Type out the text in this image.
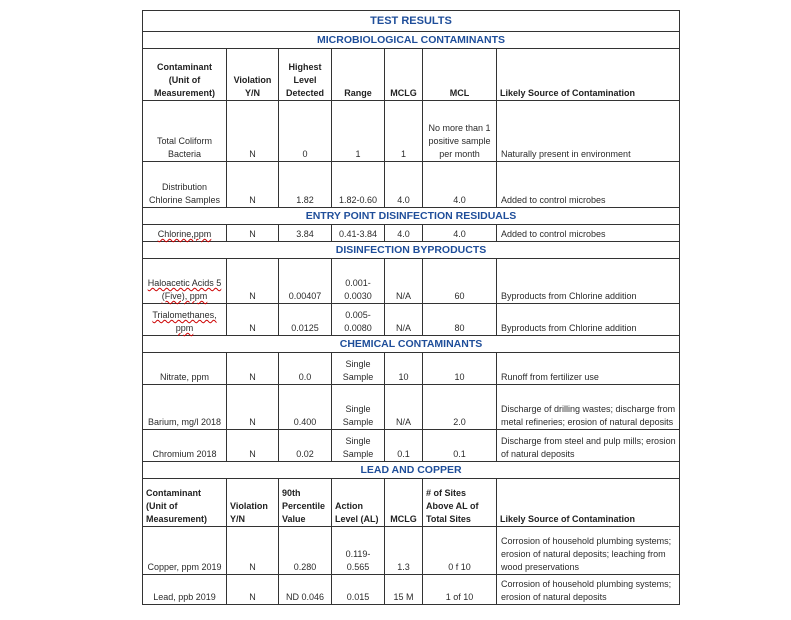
TEST RESULTS						
MICROBIOLOGICAL CONTAMINANTS						
Contaminant (Unit of Measurement)	Violation Y/N	Highest Level Detected	Range	MCLG	MCL	Likely Source of Contamination
Total Coliform Bacteria	N	0	1	1	No more than 1 positive sample per month	Naturally present in environment
Distribution Chlorine Samples	N	1.82	1.82-0.60	4.0	4.0	Added to control microbes
ENTRY POINT DISINFECTION RESIDUALS						
Chlorine,ppm	N	3.84	0.41-3.84	4.0	4.0	Added to control microbes
DISINFECTION BYPRODUCTS						
Haloacetic Acids 5 (Five), ppm	N	0.00407	0.001-0.0030	N/A	60	Byproducts from Chlorine addition
Trialomethanes, ppm	N	0.0125	0.005-0.0080	N/A	80	Byproducts from Chlorine addition
CHEMICAL CONTAMINANTS						
Nitrate, ppm	N	0.0	Single Sample	10	10	Runoff from fertilizer use
Barium, mg/l 2018	N	0.400	Single Sample	N/A	2.0	Discharge of drilling wastes; discharge from metal refineries; erosion of natural deposits
Chromium 2018	N	0.02	Single Sample	0.1	0.1	Discharge from steel and pulp mills; erosion of natural deposits
LEAD AND COPPER						
Contaminant (Unit of Measurement)	Violation Y/N	90th Percentile Value	Action Level (AL)	MCLG	# of Sites Above AL of Total Sites	Likely Source of Contamination
Copper, ppm 2019	N	0.280	0.119-0.565	1.3	0 f 10	Corrosion of household plumbing systems; erosion of natural deposits; leaching from wood preservations
Lead, ppb 2019	N	ND 0.046	0.015	15 M	1 of 10	Corrosion of household plumbing systems; erosion of natural deposits
